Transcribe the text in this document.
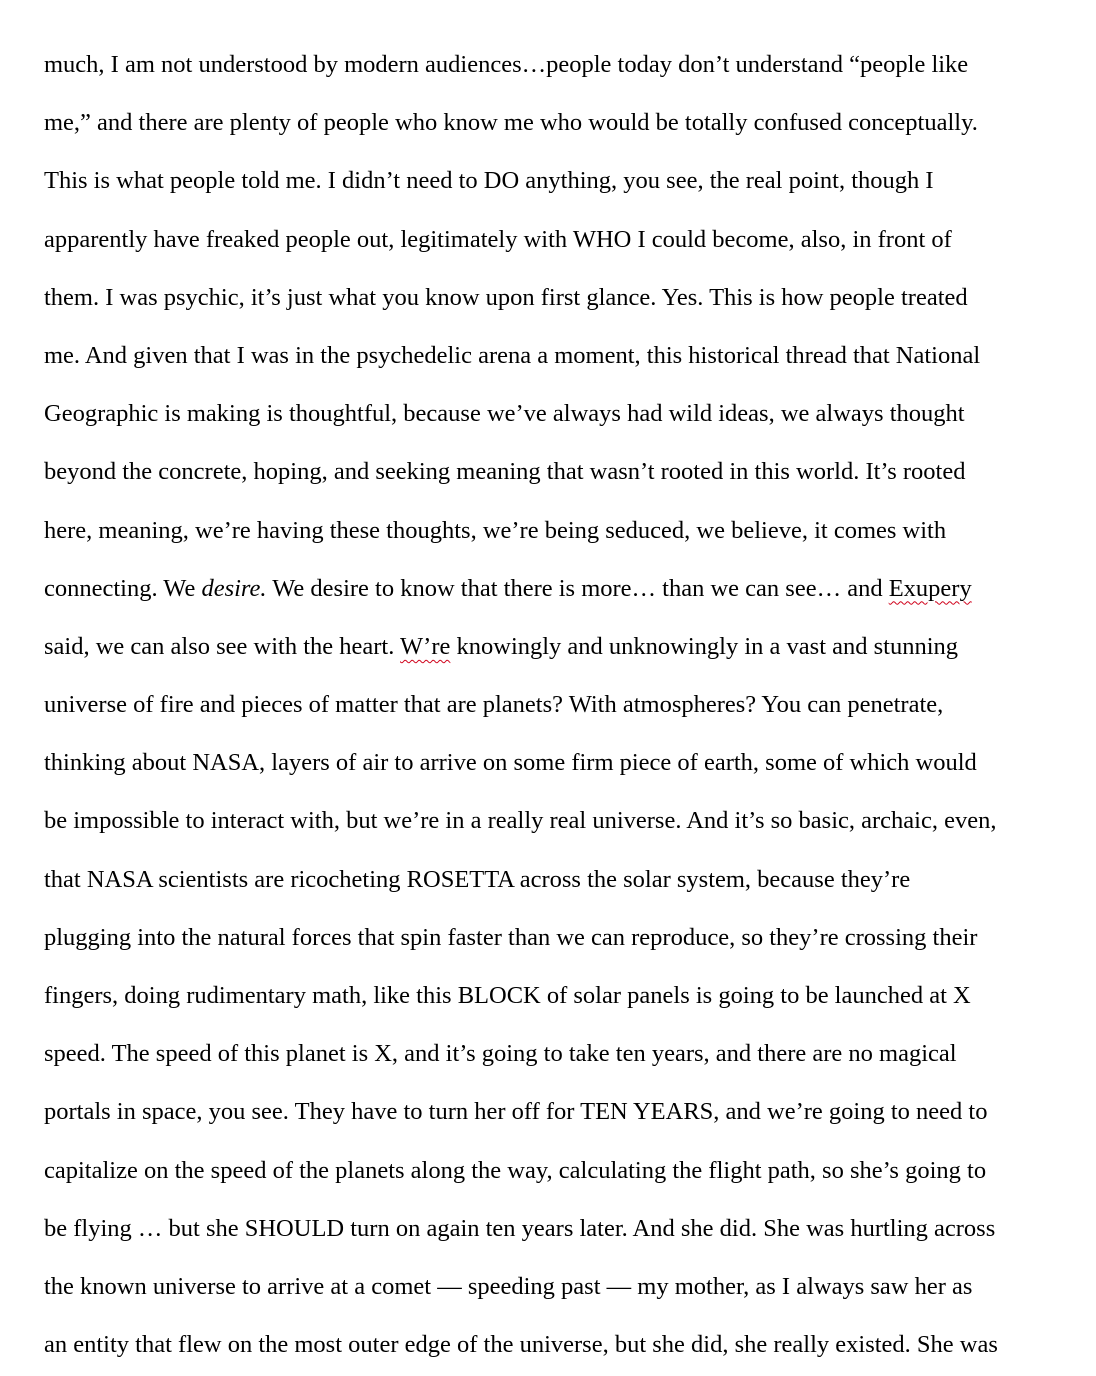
much, I am not understood by modern audiences…people today don’t understand “people like
me,” and there are plenty of people who know me who would be totally confused conceptually.
This is what people told me. I didn’t need to DO anything, you see, the real point, though I
apparently have freaked people out, legitimately with WHO I could become, also, in front of
them. I was psychic, it’s just what you know upon first glance. Yes. This is how people treated
me. And given that I was in the psychedelic arena a moment, this historical thread that National
Geographic is making is thoughtful, because we’ve always had wild ideas, we always thought
beyond the concrete, hoping, and seeking meaning that wasn’t rooted in this world. It’s rooted
here, meaning, we’re having these thoughts, we’re being seduced, we believe, it comes with
connecting. We desire. We desire to know that there is more… than we can see… and Exupery
said, we can also see with the heart. W’re knowingly and unknowingly in a vast and stunning
universe of fire and pieces of matter that are planets? With atmospheres? You can penetrate,
thinking about NASA, layers of air to arrive on some firm piece of earth, some of which would
be impossible to interact with, but we’re in a really real universe. And it’s so basic, archaic, even,
that NASA scientists are ricocheting ROSETTA across the solar system, because they’re
plugging into the natural forces that spin faster than we can reproduce, so they’re crossing their
fingers, doing rudimentary math, like this BLOCK of solar panels is going to be launched at X
speed. The speed of this planet is X, and it’s going to take ten years, and there are no magical
portals in space, you see. They have to turn her off for TEN YEARS, and we’re going to need to
capitalize on the speed of the planets along the way, calculating the flight path, so she’s going to
be flying … but she SHOULD turn on again ten years later. And she did. She was hurtling across
the known universe to arrive at a comet — speeding past — my mother, as I always saw her as
an entity that flew on the most outer edge of the universe, but she did, she really existed. She was
